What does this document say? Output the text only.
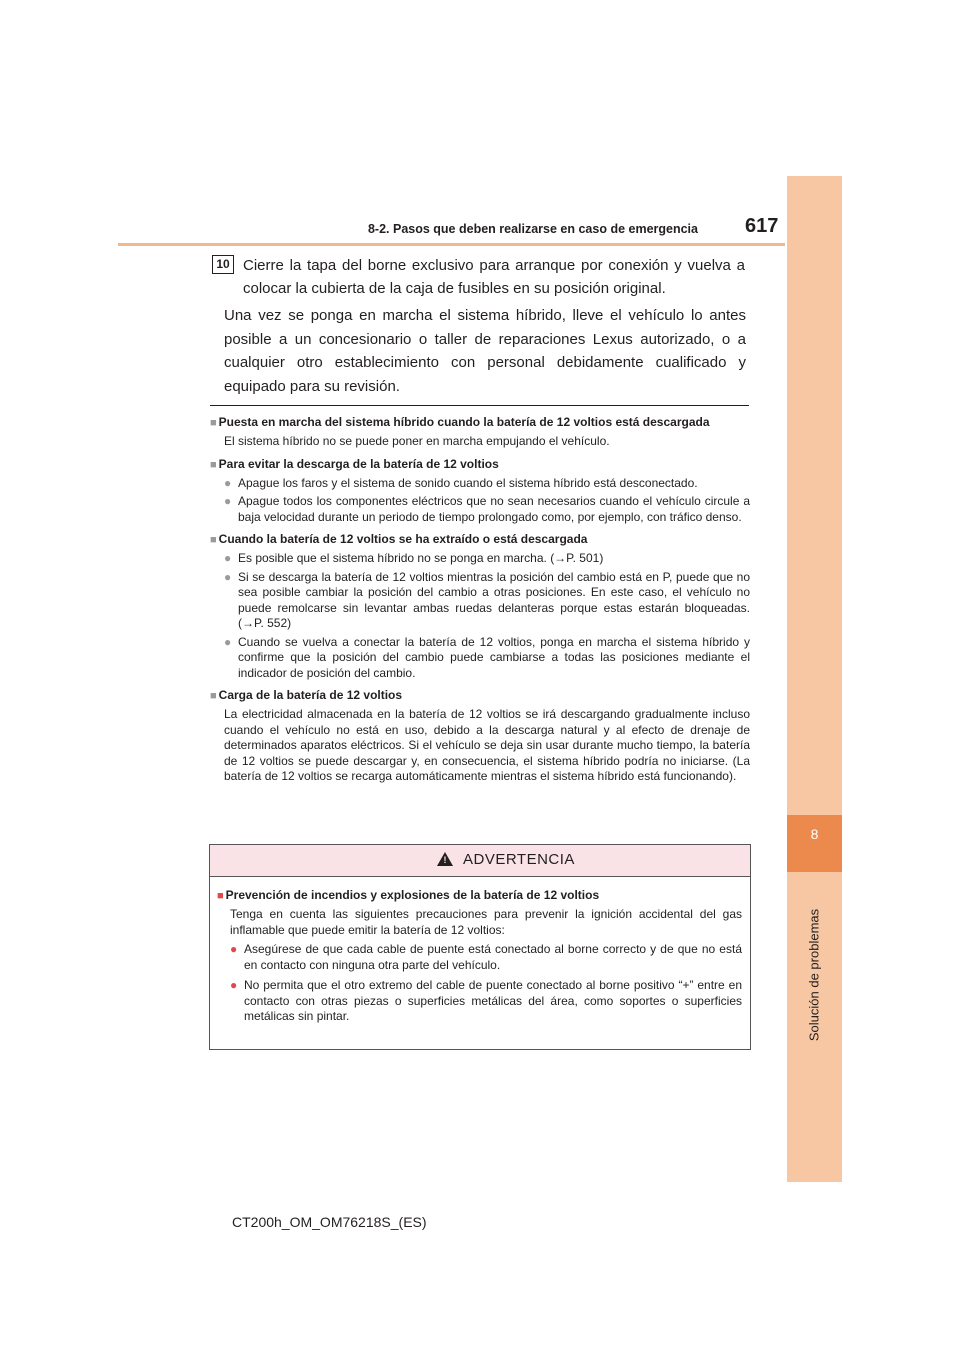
8
Solución de problemas
8-2. Pasos que deben realizarse en caso de emergencia 617
10 Cierre la tapa del borne exclusivo para arranque por conexión y vuelva a colocar la cubierta de la caja de fusibles en su posición original.

Una vez se ponga en marcha el sistema híbrido, lleve el vehículo lo antes posible a un concesionario o taller de reparaciones Lexus autorizado, o a cualquier otro establecimiento con personal debidamente cualificado y equipado para su revisión.

■ Puesta en marcha del sistema híbrido cuando la batería de 12 voltios está descargada

El sistema híbrido no se puede poner en marcha empujando el vehículo.

■ Para evitar la descarga de la batería de 12 voltios

● Apague los faros y el sistema de sonido cuando el sistema híbrido está desconectado.
● Apague todos los componentes eléctricos que no sean necesarios cuando el vehículo circule a baja velocidad durante un periodo de tiempo prolongado como, por ejemplo, con tráfico denso.

■ Cuando la batería de 12 voltios se ha extraído o está descargada

● Es posible que el sistema híbrido no se ponga en marcha. (→P. 501)
● Si se descarga la batería de 12 voltios mientras la posición del cambio está en P, puede que no sea posible cambiar la posición del cambio a otras posiciones. En este caso, el vehículo no puede remolcarse sin levantar ambas ruedas delanteras porque estas estarán bloqueadas. (→P. 552)
● Cuando se vuelva a conectar la batería de 12 voltios, ponga en marcha el sistema híbrido y confirme que la posición del cambio puede cambiarse a todas las posiciones mediante el indicador de posición del cambio.

■ Carga de la batería de 12 voltios

La electricidad almacenada en la batería de 12 voltios se irá descargando gradualmente incluso cuando el vehículo no está en uso, debido a la descarga natural y al efecto de drenaje de determinados aparatos eléctricos. Si el vehículo se deja sin usar durante mucho tiempo, la batería de 12 voltios se puede descargar y, en consecuencia, el sistema híbrido podría no iniciarse. (La batería de 12 voltios se recarga automáticamente mientras el sistema híbrido está funcionando).

! ADVERTENCIA

■ Prevención de incendios y explosiones de la batería de 12 voltios

Tenga en cuenta las siguientes precauciones para prevenir la ignición accidental del gas inflamable que puede emitir la batería de 12 voltios:

● Asegúrese de que cada cable de puente está conectado al borne correcto y de que no está en contacto con ninguna otra parte del vehículo.
● No permita que el otro extremo del cable de puente conectado al borne positivo “+” entre en contacto con otras piezas o superficies metálicas del área, como soportes o superficies metálicas sin pintar.
CT200h_OM_OM76218S_(ES)
